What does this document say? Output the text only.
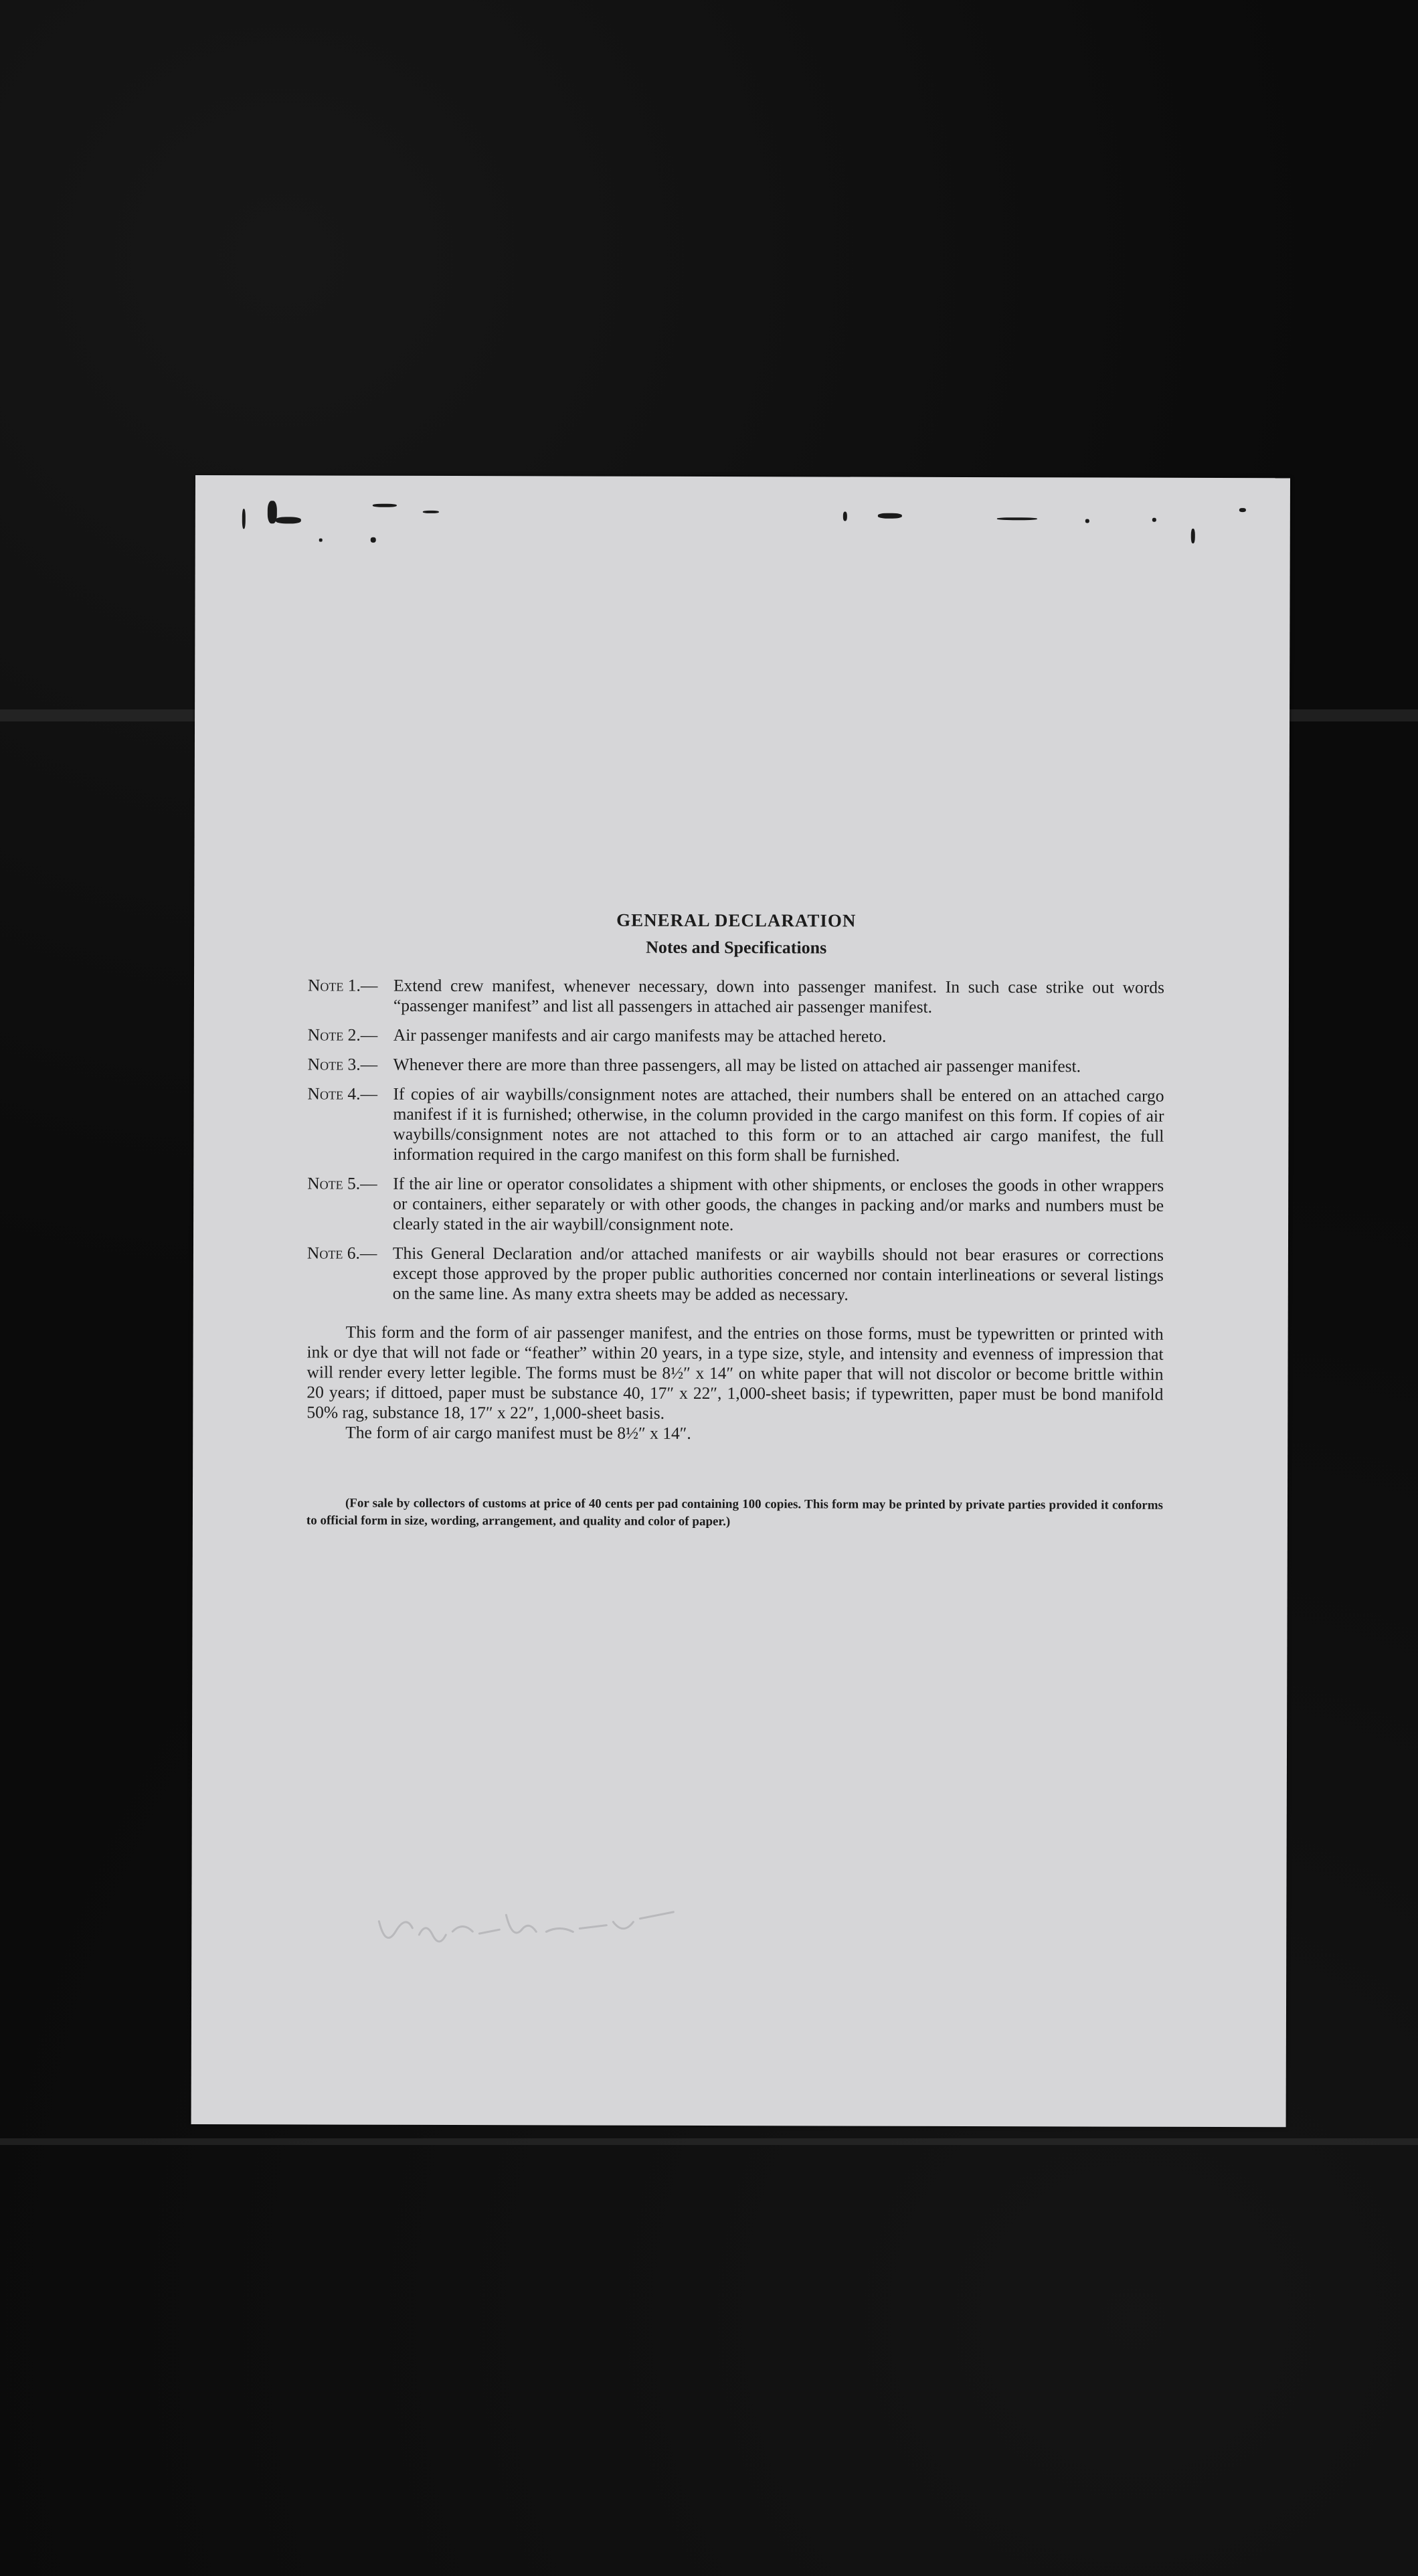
GENERAL DECLARATION
Notes and Specifications
Note 1.— Extend crew manifest, whenever necessary, down into passenger manifest. In such case strike out words “passenger manifest” and list all passengers in attached air passenger manifest.
Note 2.— Air passenger manifests and air cargo manifests may be attached hereto.
Note 3.— Whenever there are more than three passengers, all may be listed on attached air passenger manifest.
Note 4.— If copies of air waybills/consignment notes are attached, their numbers shall be entered on an attached cargo manifest if it is furnished; otherwise, in the column provided in the cargo manifest on this form. If copies of air waybills/consignment notes are not attached to this form or to an attached air cargo manifest, the full information required in the cargo manifest on this form shall be furnished.
Note 5.— If the air line or operator consolidates a shipment with other shipments, or encloses the goods in other wrappers or containers, either separately or with other goods, the changes in packing and/or marks and numbers must be clearly stated in the air waybill/consignment note.
Note 6.— This General Declaration and/or attached manifests or air waybills should not bear erasures or corrections except those approved by the proper public authorities concerned nor contain interlineations or several listings on the same line. As many extra sheets may be added as necessary.

This form and the form of air passenger manifest, and the entries on those forms, must be typewritten or printed with ink or dye that will not fade or “feather” within 20 years, in a type size, style, and intensity and evenness of impression that will render every letter legible. The forms must be 8½″ x 14″ on white paper that will not discolor or become brittle within 20 years; if dittoed, paper must be substance 40, 17″ x 22″, 1,000-sheet basis; if typewritten, paper must be bond manifold 50% rag, substance 18, 17″ x 22″, 1,000-sheet basis.

The form of air cargo manifest must be 8½″ x 14″.

(For sale by collectors of customs at price of 40 cents per pad containing 100 copies. This form may be printed by private parties provided it conforms to official form in size, wording, arrangement, and quality and color of paper.)
